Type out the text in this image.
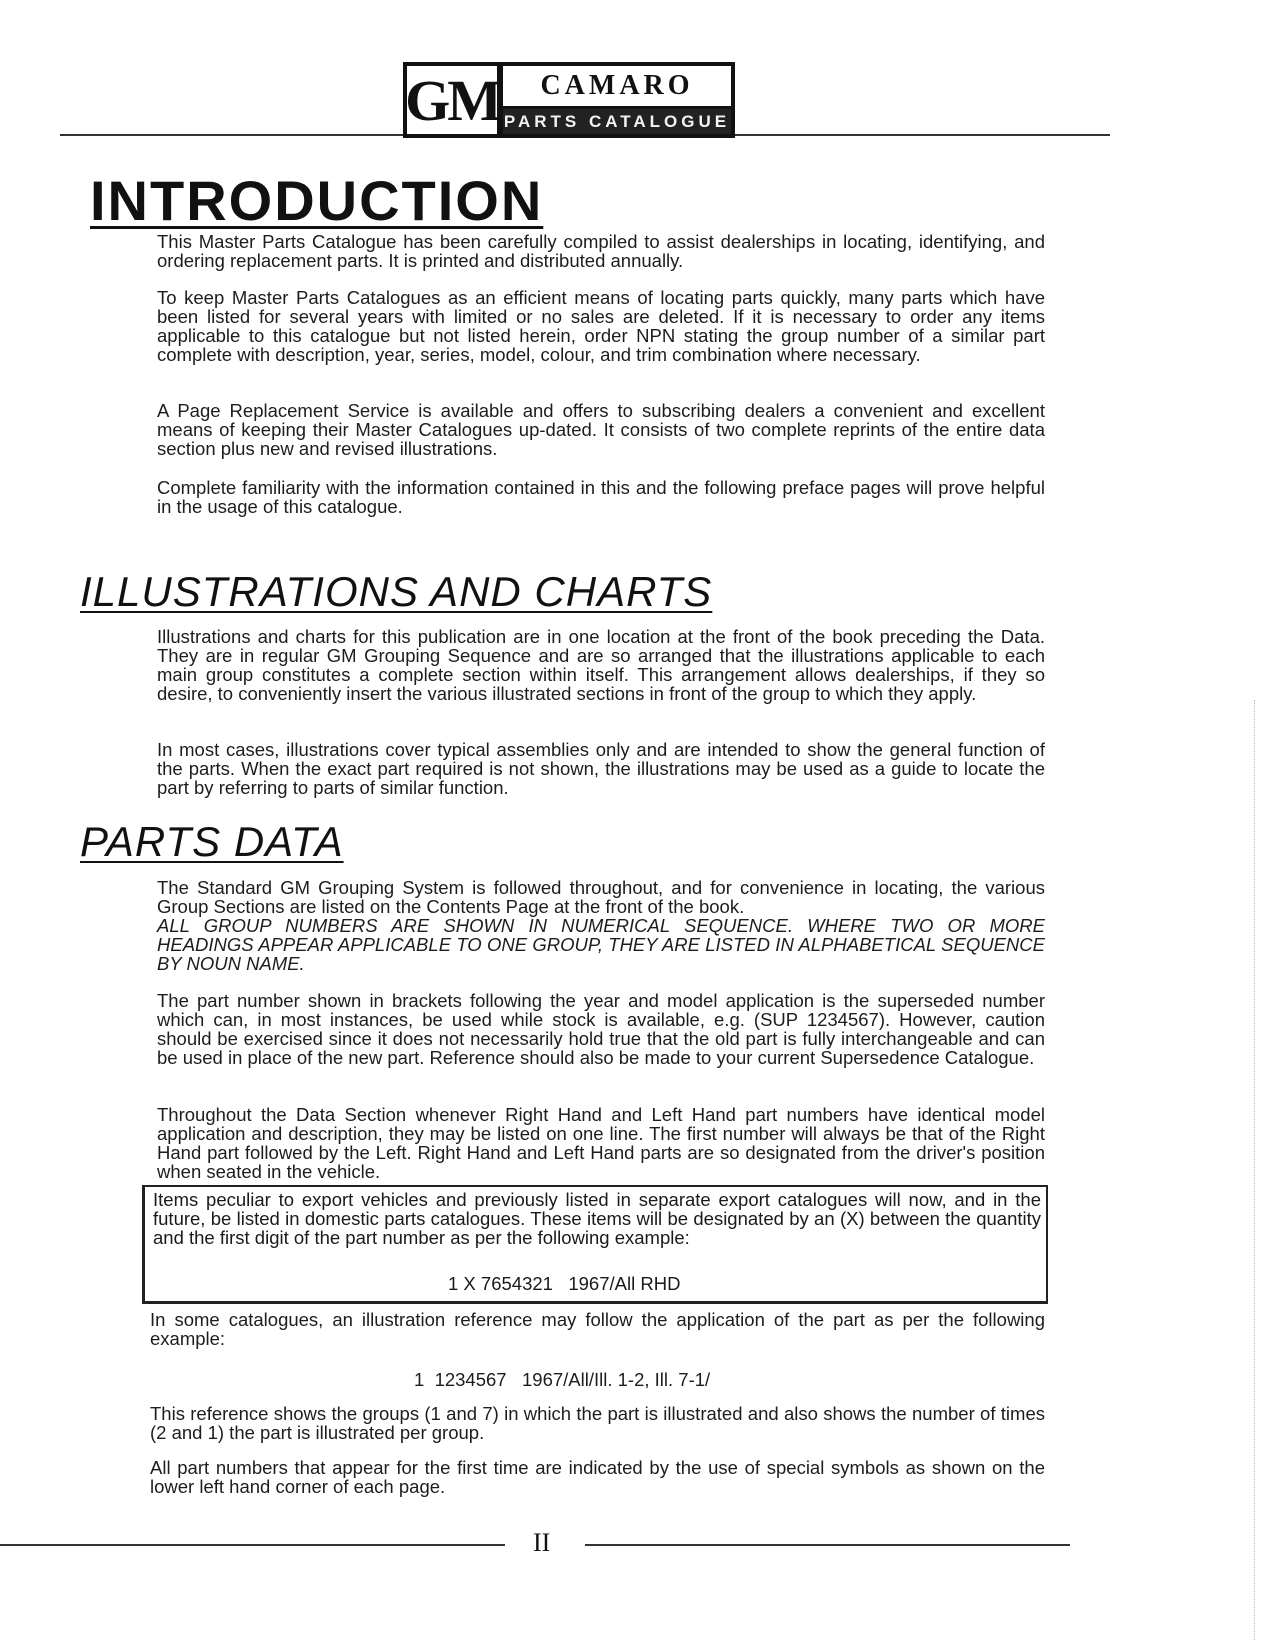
GM	CAMARO
PARTS CATALOGUE
INTRODUCTION
This Master Parts Catalogue has been carefully compiled to assist dealerships in locating, identifying, and ordering replacement parts. It is printed and distributed annually.
To keep Master Parts Catalogues as an efficient means of locating parts quickly, many parts which have been listed for several years with limited or no sales are deleted. If it is necessary to order any items applicable to this catalogue but not listed herein, order NPN stating the group number of a similar part complete with description, year, series, model, colour, and trim combination where necessary.
A Page Replacement Service is available and offers to subscribing dealers a convenient and excellent means of keeping their Master Catalogues up-dated. It consists of two complete reprints of the entire data section plus new and revised illustrations.
Complete familiarity with the information contained in this and the following preface pages will prove helpful in the usage of this catalogue.
ILLUSTRATIONS AND CHARTS
Illustrations and charts for this publication are in one location at the front of the book preceding the Data. They are in regular GM Grouping Sequence and are so arranged that the illustrations applicable to each main group constitutes a complete section within itself. This arrangement allows dealerships, if they so desire, to conveniently insert the various illustrated sections in front of the group to which they apply.
In most cases, illustrations cover typical assemblies only and are intended to show the general function of the parts. When the exact part required is not shown, the illustrations may be used as a guide to locate the part by referring to parts of similar function.
PARTS DATA
The Standard GM Grouping System is followed throughout, and for convenience in locating, the various Group Sections are listed on the Contents Page at the front of the book.
ALL GROUP NUMBERS ARE SHOWN IN NUMERICAL SEQUENCE. WHERE TWO OR MORE HEADINGS APPEAR APPLICABLE TO ONE GROUP, THEY ARE LISTED IN ALPHABETICAL SEQUENCE BY NOUN NAME.
The part number shown in brackets following the year and model application is the superseded number which can, in most instances, be used while stock is available, e.g. (SUP 1234567). However, caution should be exercised since it does not necessarily hold true that the old part is fully interchangeable and can be used in place of the new part. Reference should also be made to your current Supersedence Catalogue.
Throughout the Data Section whenever Right Hand and Left Hand part numbers have identical model application and description, they may be listed on one line. The first number will always be that of the Right Hand part followed by the Left. Right Hand and Left Hand parts are so designated from the driver's position when seated in the vehicle.
Items peculiar to export vehicles and previously listed in separate export catalogues will now, and in the future, be listed in domestic parts catalogues. These items will be designated by an (X) between the quantity and the first digit of the part number as per the following example:
1 X 7654321   1967/All RHD
In some catalogues, an illustration reference may follow the application of the part as per the following example:
1  1234567   1967/All/Ill. 1-2, Ill. 7-1/
This reference shows the groups (1 and 7) in which the part is illustrated and also shows the number of times (2 and 1) the part is illustrated per group.
All part numbers that appear for the first time are indicated by the use of special symbols as shown on the lower left hand corner of each page.
II
